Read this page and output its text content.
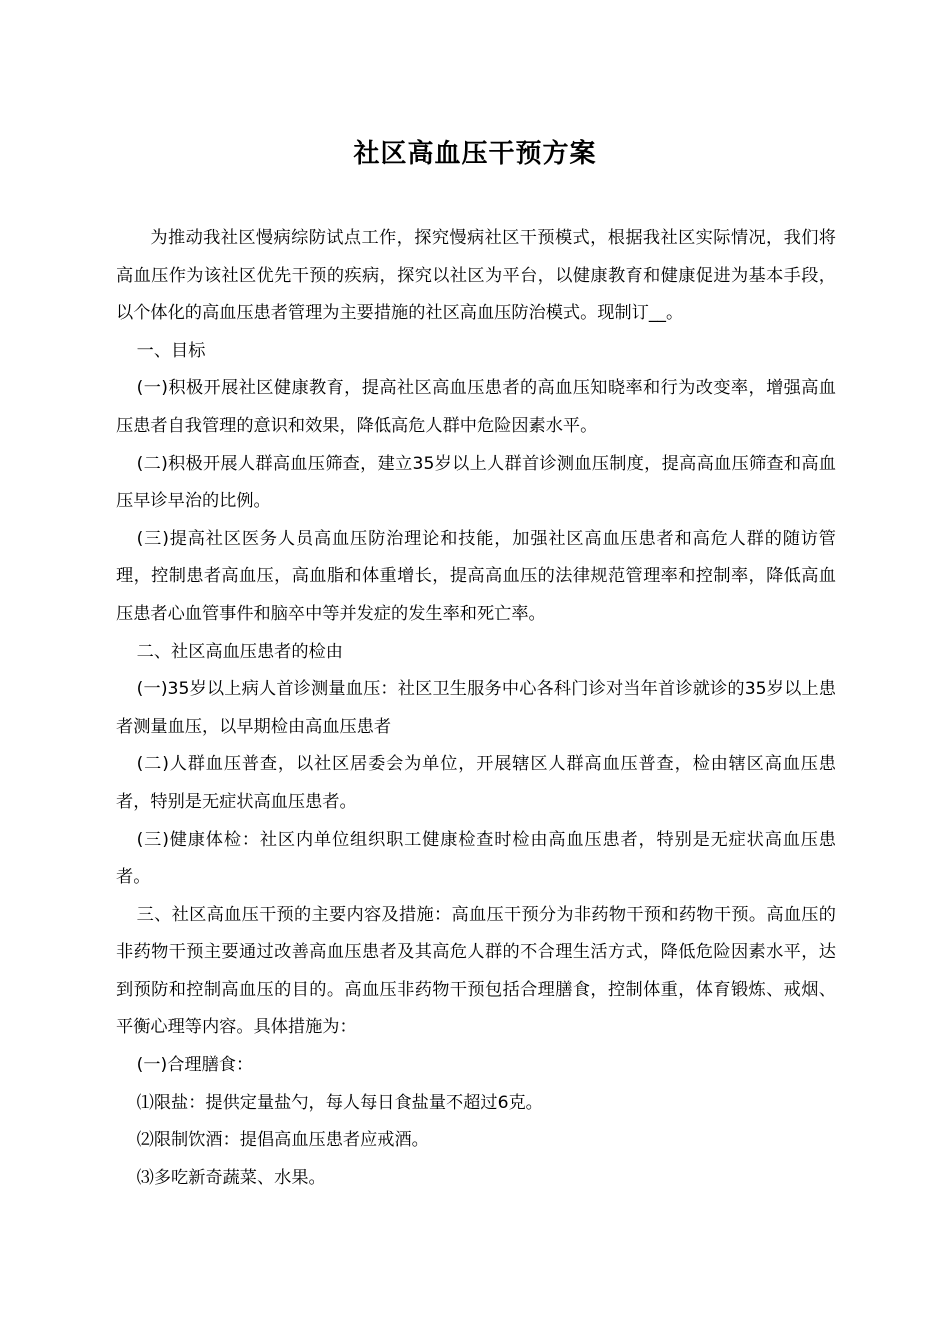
社区高血压干预方案

为推动我社区慢病综防试点工作，探究慢病社区干预模式，根据我社区实际情况，我们将高血压作为该社区优先干预的疾病，探究以社区为平台，以健康教育和健康促进为基本手段，以个体化的高血压患者管理为主要措施的社区高血压防治模式。现制订__。

一、目标

(一)积极开展社区健康教育，提高社区高血压患者的高血压知晓率和行为改变率，增强高血压患者自我管理的意识和效果，降低高危人群中危险因素水平。

(二)积极开展人群高血压筛查，建立35岁以上人群首诊测血压制度，提高高血压筛查和高血压早诊早治的比例。

(三)提高社区医务人员高血压防治理论和技能，加强社区高血压患者和高危人群的随访管理，控制患者高血压，高血脂和体重增长，提高高血压的法律规范管理率和控制率，降低高血压患者心血管事件和脑卒中等并发症的发生率和死亡率。

二、社区高血压患者的检由

(一)35岁以上病人首诊测量血压：社区卫生服务中心各科门诊对当年首诊就诊的35岁以上患者测量血压，以早期检由高血压患者

(二)人群血压普查，以社区居委会为单位，开展辖区人群高血压普查，检由辖区高血压患者，特别是无症状高血压患者。

(三)健康体检：社区内单位组织职工健康检查时检由高血压患者，特别是无症状高血压患者。

三、社区高血压干预的主要内容及措施：高血压干预分为非药物干预和药物干预。高血压的非药物干预主要通过改善高血压患者及其高危人群的不合理生活方式，降低危险因素水平，达到预防和控制高血压的目的。高血压非药物干预包括合理膳食，控制体重，体育锻炼、戒烟、平衡心理等内容。具体措施为：

(一)合理膳食：

⑴限盐：提供定量盐勺，每人每日食盐量不超过6克。

⑵限制饮酒：提倡高血压患者应戒酒。

⑶多吃新奇蔬菜、水果。
